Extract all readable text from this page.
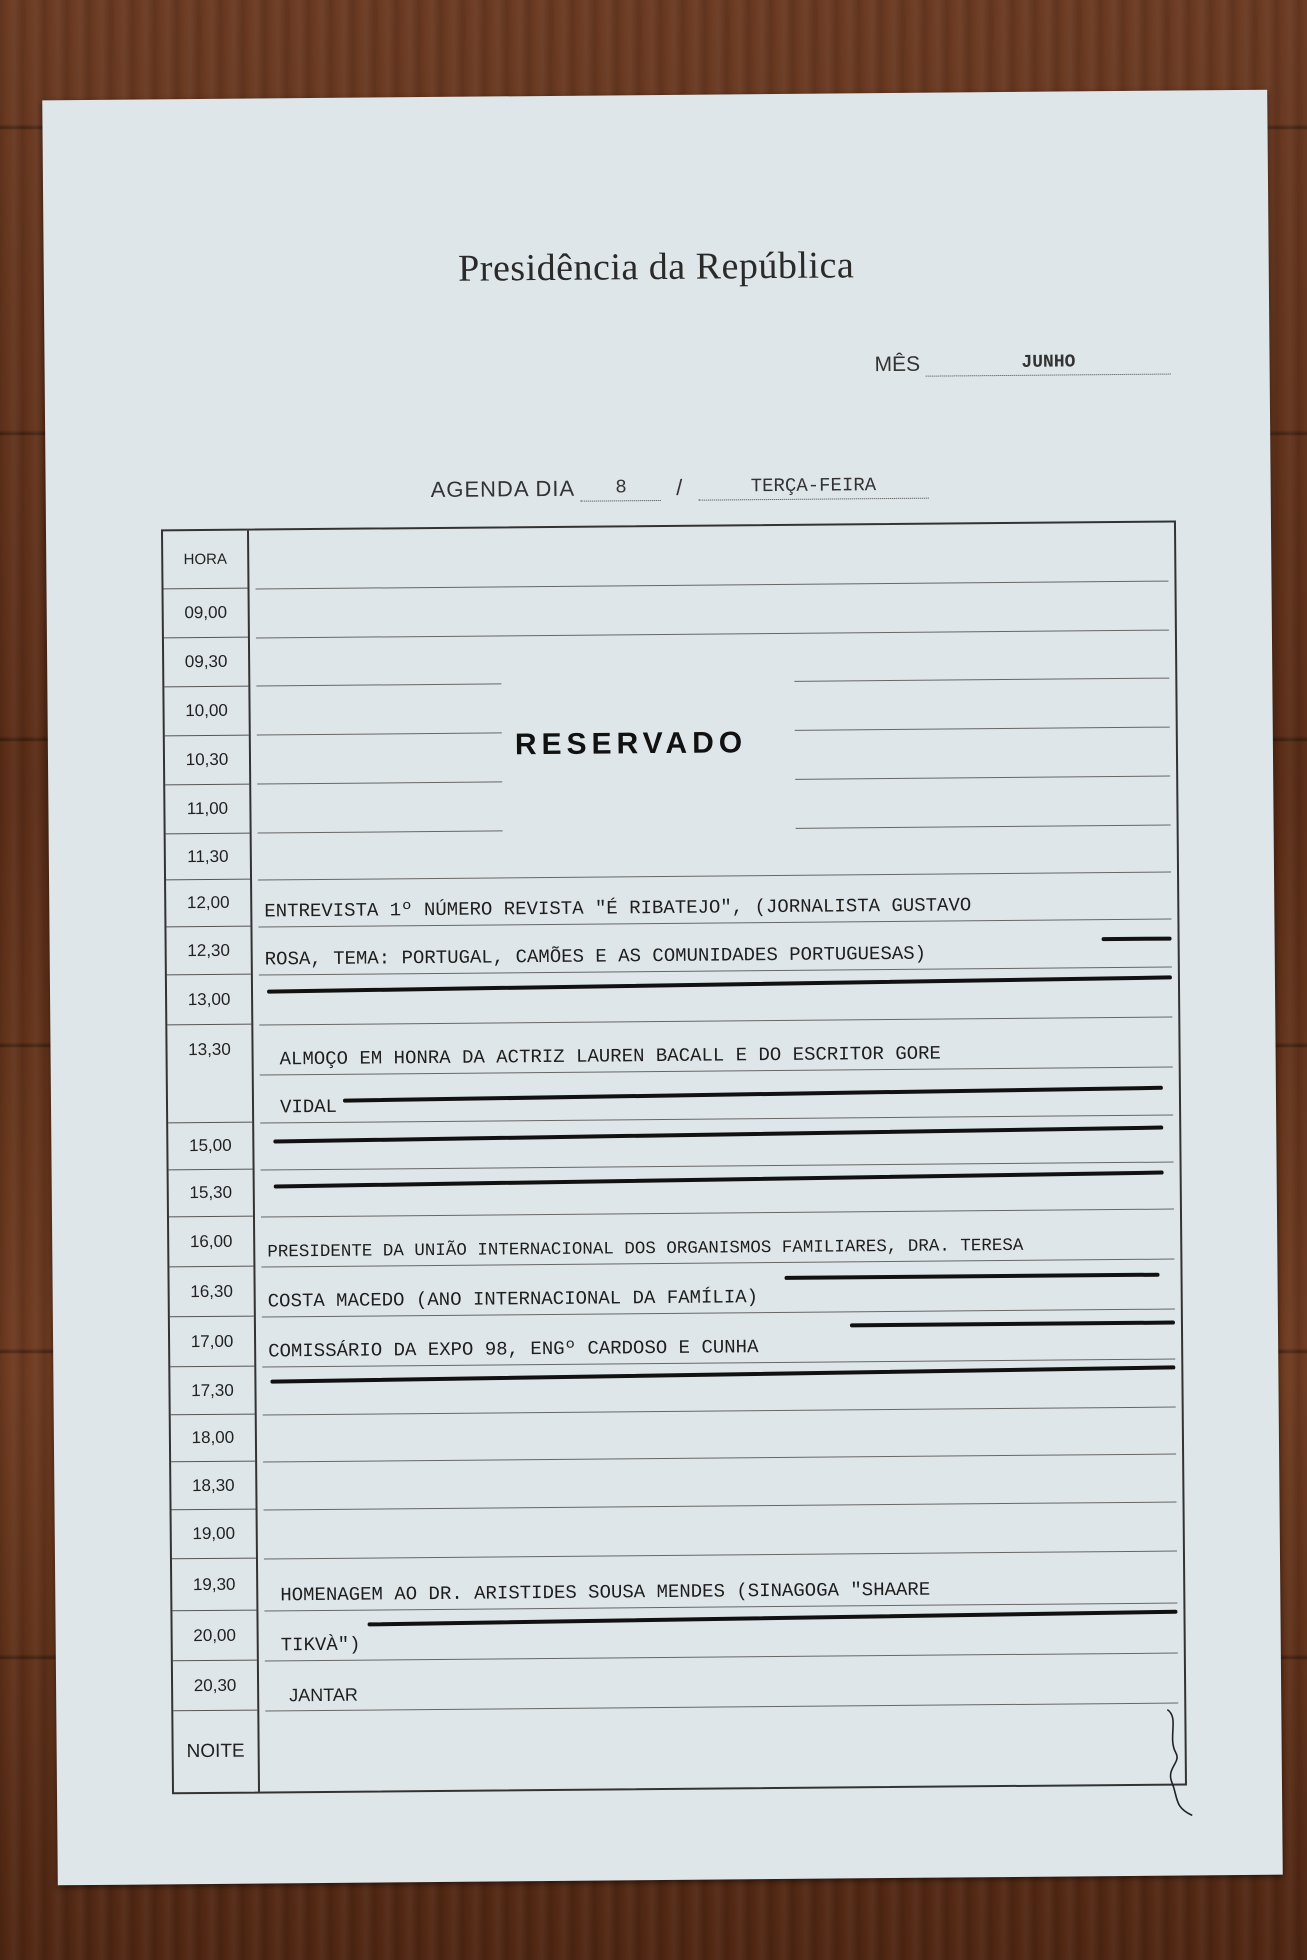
Presidência da República
MÊS	JUNHO
AGENDA DIA 8 /	TERÇA-FEIRA
HORA
09,00
09,30
10,00
10,30
11,00
RESERVADO
11,30
12,00	ENTREVISTA 1º NÚMERO REVISTA "É RIBATEJO", (JORNALISTA GUSTAVO
12,30	ROSA, TEMA: PORTUGAL, CAMÕES E AS COMUNIDADES PORTUGUESAS)
13,00
13,30	ALMOÇO EM HONRA DA ACTRIZ LAUREN BACALL E DO ESCRITOR GORE
VIDAL
15,00
15,30
16,00	PRESIDENTE DA UNIÃO INTERNACIONAL DOS ORGANISMOS FAMILIARES, DRA. TERESA
16,30	COSTA MACEDO (ANO INTERNACIONAL DA FAMÍLIA)
17,00	COMISSÁRIO DA EXPO 98, ENGº CARDOSO E CUNHA
17,30
18,00
18,30
19,00
19,30	HOMENAGEM AO DR. ARISTIDES SOUSA MENDES (SINAGOGA "SHAARE
20,00	TIKVÀ")
20,30	JANTAR
NOITE
